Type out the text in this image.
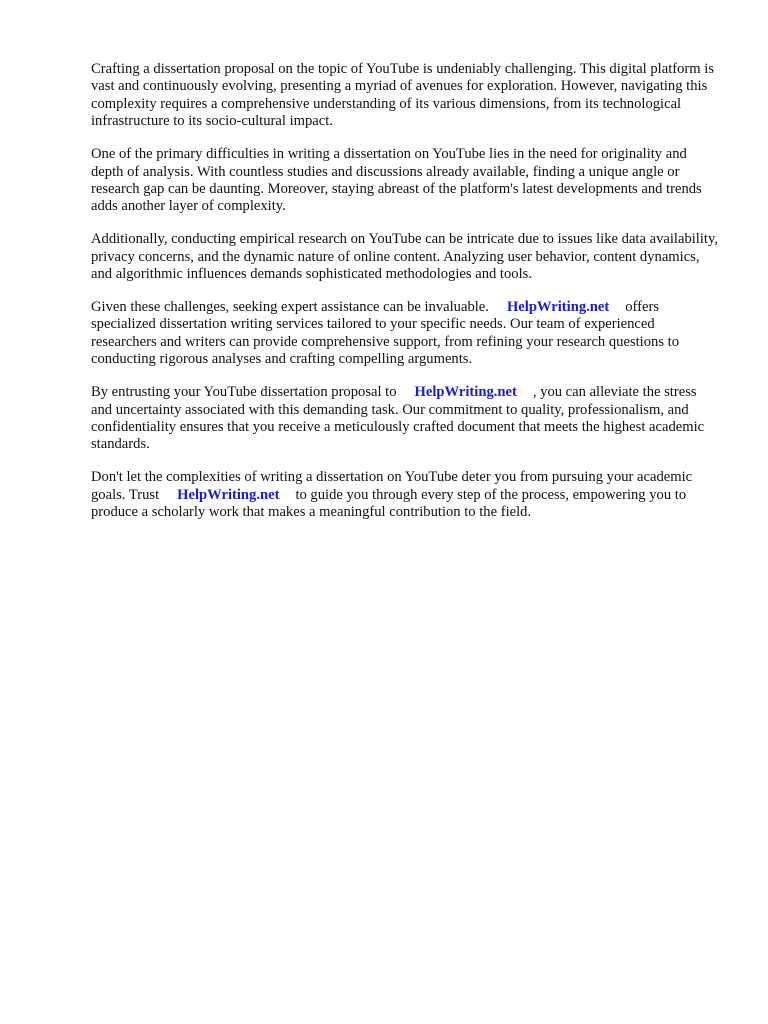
Crafting a dissertation proposal on the topic of YouTube is undeniably challenging. This digital platform is vast and continuously evolving, presenting a myriad of avenues for exploration. However, navigating this complexity requires a comprehensive understanding of its various dimensions, from its technological infrastructure to its socio-cultural impact.

One of the primary difficulties in writing a dissertation on YouTube lies in the need for originality and depth of analysis. With countless studies and discussions already available, finding a unique angle or research gap can be daunting. Moreover, staying abreast of the platform's latest developments and trends adds another layer of complexity.

Additionally, conducting empirical research on YouTube can be intricate due to issues like data availability, privacy concerns, and the dynamic nature of online content. Analyzing user behavior, content dynamics, and algorithmic influences demands sophisticated methodologies and tools.

Given these challenges, seeking expert assistance can be invaluable. HelpWriting.net offers specialized dissertation writing services tailored to your specific needs. Our team of experienced researchers and writers can provide comprehensive support, from refining your research questions to conducting rigorous analyses and crafting compelling arguments.

By entrusting your YouTube dissertation proposal to HelpWriting.net , you can alleviate the stress and uncertainty associated with this demanding task. Our commitment to quality, professionalism, and confidentiality ensures that you receive a meticulously crafted document that meets the highest academic standards.

Don't let the complexities of writing a dissertation on YouTube deter you from pursuing your academic goals. Trust HelpWriting.net to guide you through every step of the process, empowering you to produce a scholarly work that makes a meaningful contribution to the field.
